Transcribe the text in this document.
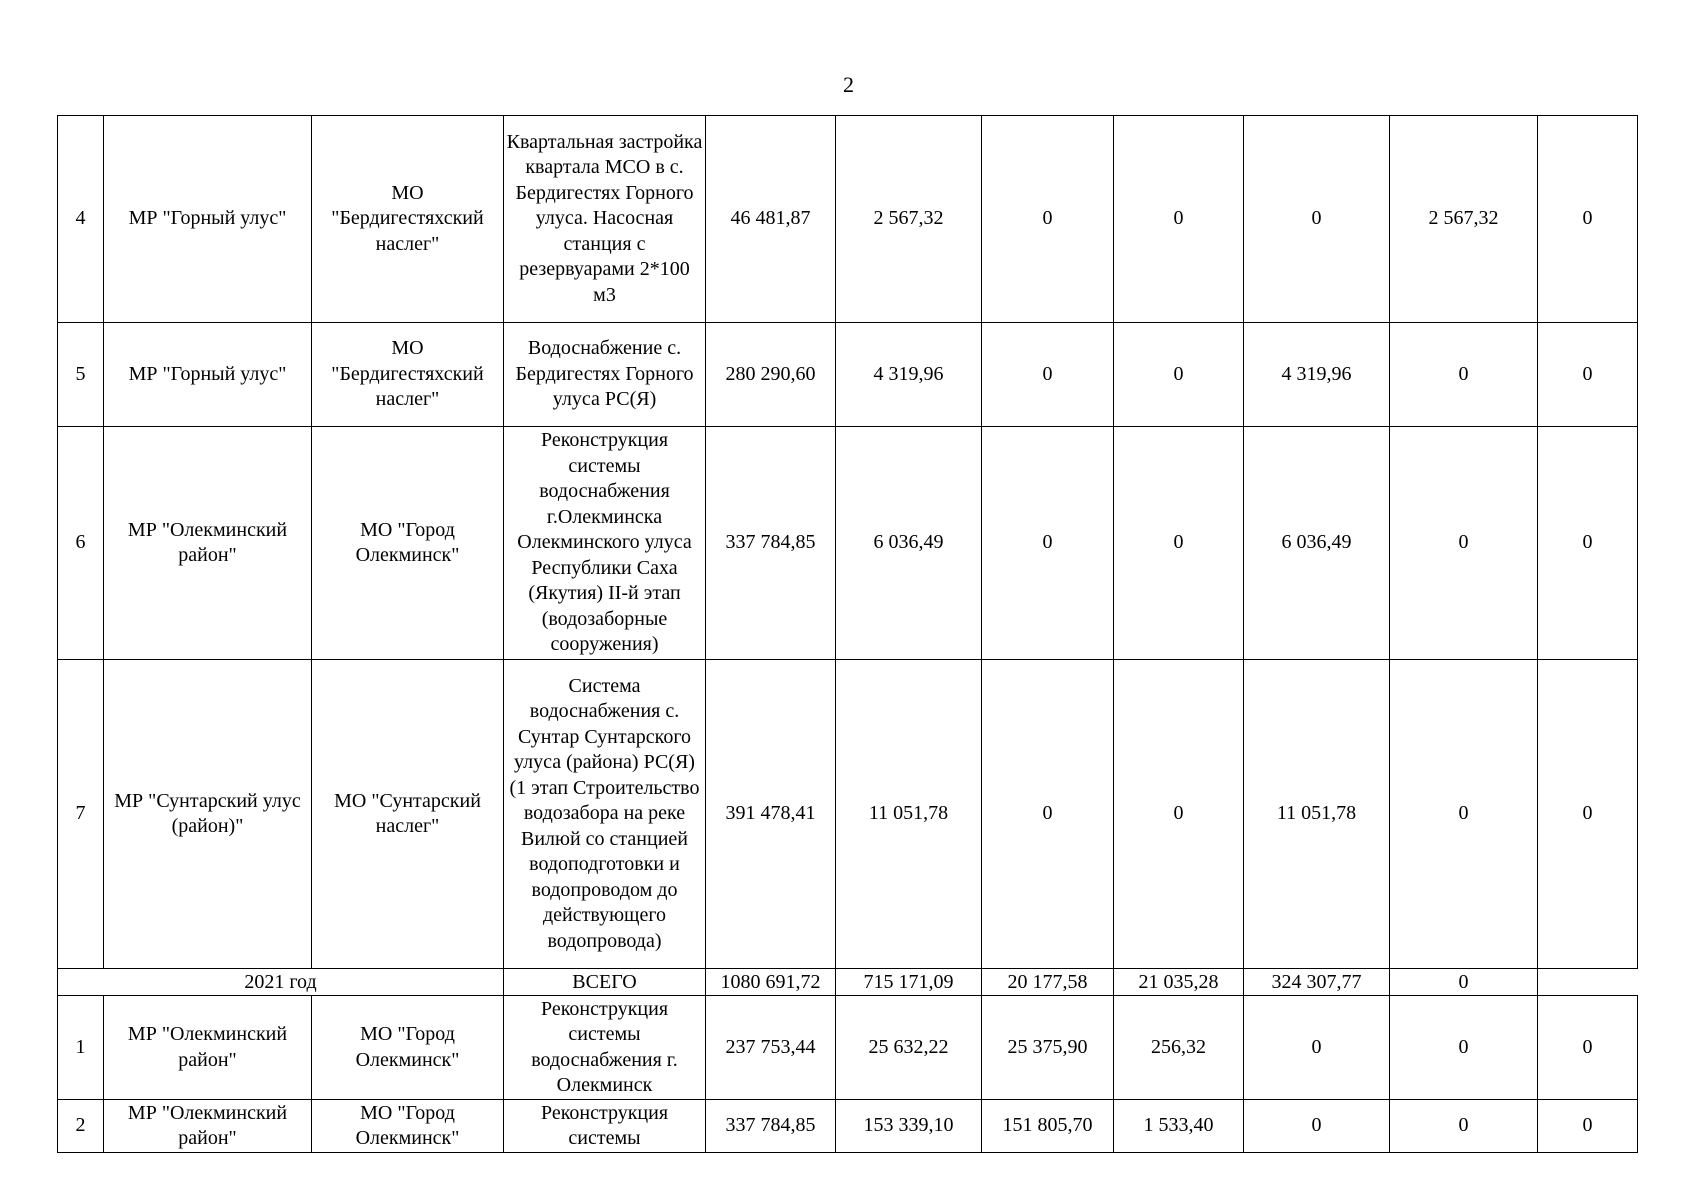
2
4	МР "Горный улус"	МО "Бердигестяхский наслег"	Квартальная застройка квартала МСО в с. Бердигестях Горного улуса. Насосная станция с резервуарами 2*100 м3	46 481,87	2 567,32	0	0	0	2 567,32	0
5	МР "Горный улус"	МО "Бердигестяхский наслег"	Водоснабжение с. Бердигестях Горного улуса РС(Я)	280 290,60	4 319,96	0	0	4 319,96	0	0
6	МР "Олекминский район"	МО "Город Олекминск"	Реконструкция системы водоснабжения г.Олекминска Олекминского улуса Республики Саха (Якутия) II-й этап (водозаборные сооружения)	337 784,85	6 036,49	0	0	6 036,49	0	0
7	МР "Сунтарский улус (район)"	МО "Сунтарский наслег"	Система водоснабжения с. Сунтар Сунтарского улуса (района) РС(Я) (1 этап Строительство водозабора на реке Вилюй со станцией водоподготовки и водопроводом до действующего водопровода)	391 478,41	11 051,78	0	0	11 051,78	0	0
2021 год			ВСЕГО	1080 691,72	715 171,09	20 177,58	21 035,28	324 307,77	0	
1	МР "Олекминский район"	МО "Город Олекминск"	Реконструкция системы водоснабжения г. Олекминск	237 753,44	25 632,22	25 375,90	256,32	0	0	0
2	МР "Олекминский район"	МО "Город Олекминск"	Реконструкция системы	337 784,85	153 339,10	151 805,70	1 533,40	0	0	0
